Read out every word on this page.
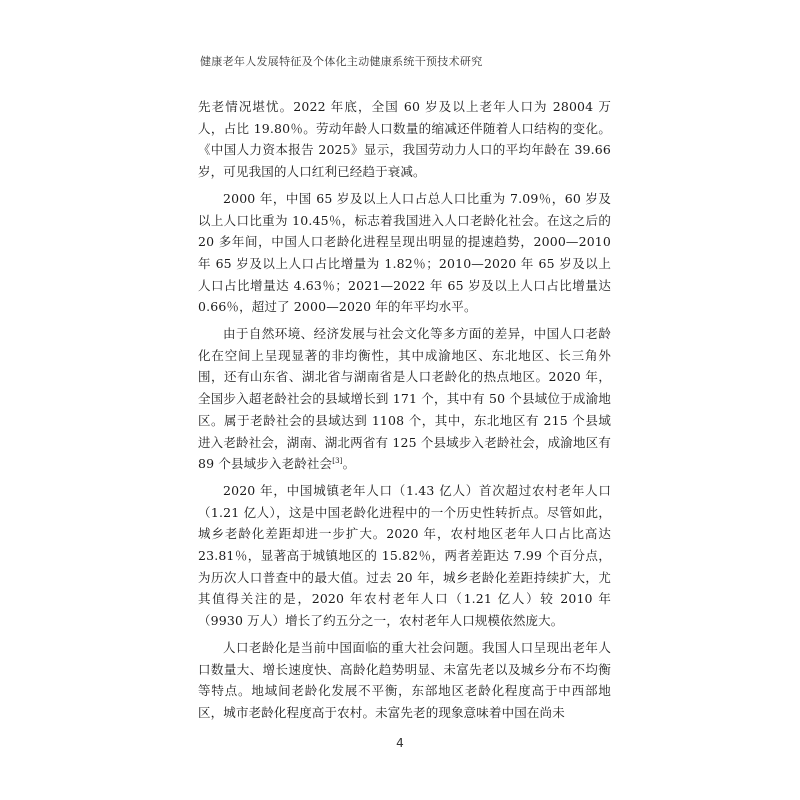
健康老年人发展特征及个体化主动健康系统干预技术研究

先老情况堪忧。2022 年底，全国 60 岁及以上老年人口为 28004 万人，占比 19.80％。劳动年龄人口数量的缩减还伴随着人口结构的变化。《中国人力资本报告 2025》显示，我国劳动力人口的平均年龄在 39.66 岁，可见我国的人口红利已经趋于衰减。

2000 年，中国 65 岁及以上人口占总人口比重为 7.09％，60 岁及以上人口比重为 10.45％，标志着我国进入人口老龄化社会。在这之后的 20 多年间，中国人口老龄化进程呈现出明显的提速趋势，2000—2010 年 65 岁及以上人口占比增量为 1.82％；2010—2020 年 65 岁及以上人口占比增量达 4.63％；2021—2022 年 65 岁及以上人口占比增量达 0.66％，超过了 2000—2020 年的年平均水平。

由于自然环境、经济发展与社会文化等多方面的差异，中国人口老龄化在空间上呈现显著的非均衡性，其中成渝地区、东北地区、长三角外围，还有山东省、湖北省与湖南省是人口老龄化的热点地区。2020 年，全国步入超老龄社会的县域增长到 171 个，其中有 50 个县域位于成渝地区。属于老龄社会的县域达到 1108 个，其中，东北地区有 215 个县域进入老龄社会，湖南、湖北两省有 125 个县域步入老龄社会，成渝地区有 89 个县域步入老龄社会[3]。

2020 年，中国城镇老年人口（1.43 亿人）首次超过农村老年人口（1.21 亿人），这是中国老龄化进程中的一个历史性转折点。尽管如此，城乡老龄化差距却进一步扩大。2020 年，农村地区老年人口占比高达 23.81％，显著高于城镇地区的 15.82％，两者差距达 7.99 个百分点，为历次人口普查中的最大值。过去 20 年，城乡老龄化差距持续扩大，尤其值得关注的是，2020 年农村老年人口（1.21 亿人）较 2010 年（9930 万人）增长了约五分之一，农村老年人口规模依然庞大。

人口老龄化是当前中国面临的重大社会问题。我国人口呈现出老年人口数量大、增长速度快、高龄化趋势明显、未富先老以及城乡分布不均衡等特点。地域间老龄化发展不平衡，东部地区老龄化程度高于中西部地区，城市老龄化程度高于农村。未富先老的现象意味着中国在尚未

4
